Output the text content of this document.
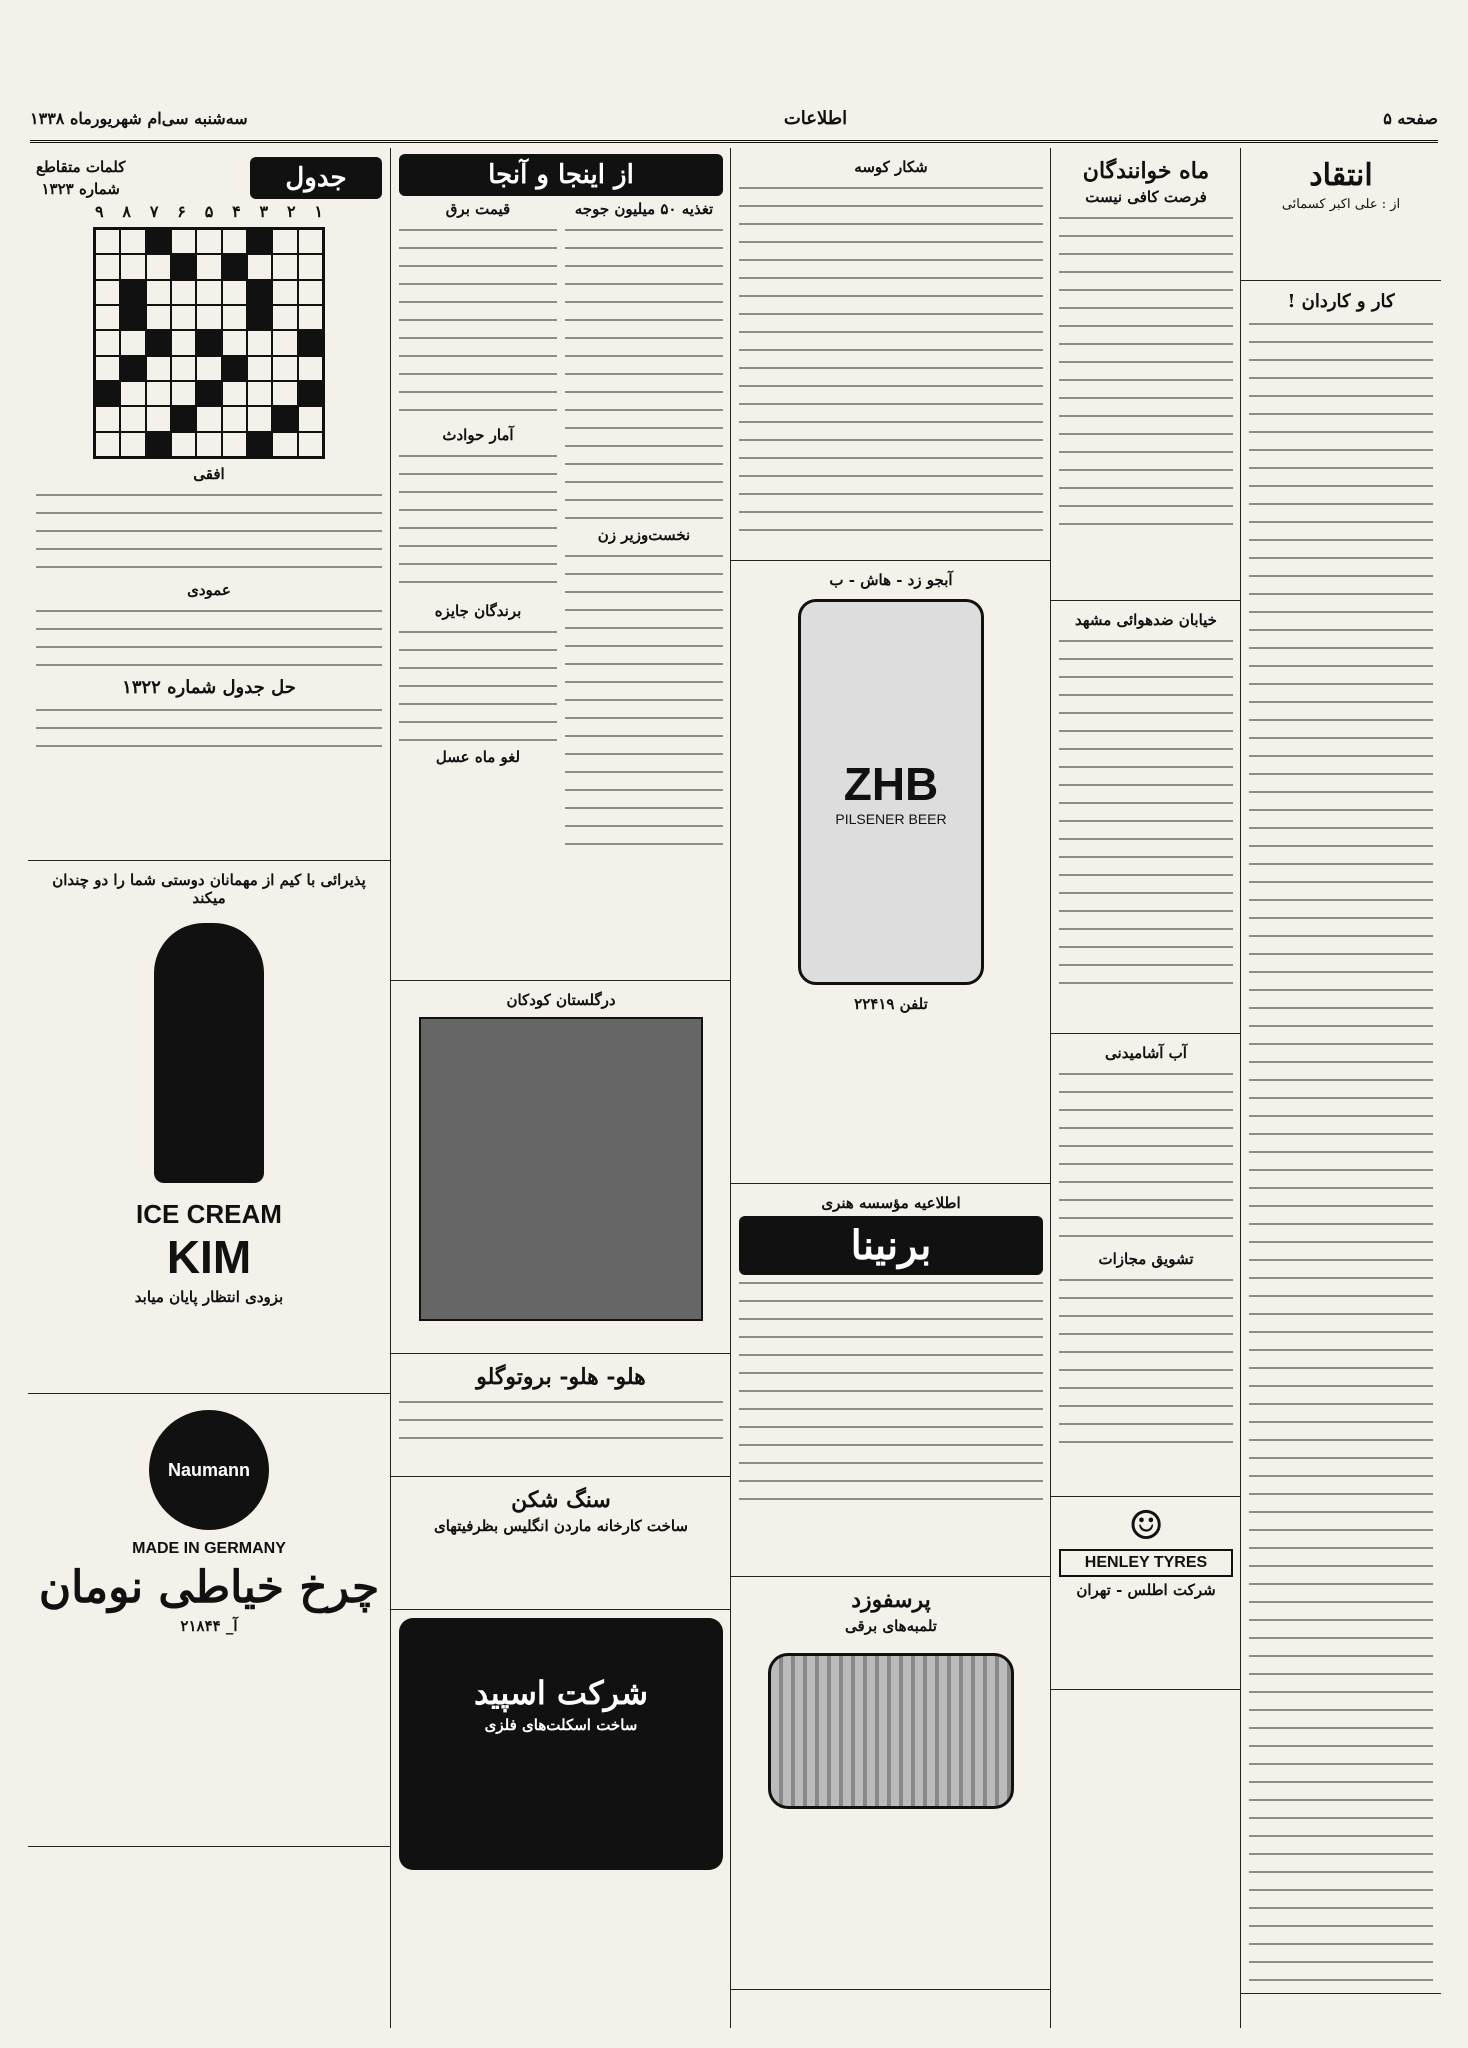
صفحه ۵
اطلاعات
سه‌شنبه سی‌ام شهریورماه ۱۳۳۸
انتقاد
از : علی اکبر کسمائی
کار و کاردان !
ماه خوانندگان
فرصت کافی نیست
خیابان ضدهوائی مشهد
آب آشامیدنی
تشویق مجازات
☺
HENLEY TYRES
شرکت اطلس - تهران
شکار کوسه
آبجو زد - هاش - ب
ZHB
PILSENER BEER
تلفن ۲۲۴۱۹
اطلاعیه مؤسسه هنری
برنینا
پرسفوزد
تلمبه‌های برقی
از اینجا و آنجا
تغذیه ۵۰ میلیون جوجه
نخست‌وزیر زن
قیمت برق
آمار حوادث
برندگان جایزه
لغو ماه عسل
درگلستان کودکان
هلو- هلو- بروتوگلو
سنگ شکن
ساخت کارخانه ماردن انگلیس بظرفیتهای
شرکت اسپید
ساخت اسکلت‌های فلزی
جدول
کلمات متقاطع
شماره ۱۳۲۳
۹ ۸ ۷ ۶ ۵ ۴ ۳ ۲ ۱
افقی
عمودی
حل جدول شماره ۱۳۲۲
پذیرائی با کیم از مهمانان دوستی شما را دو چندان میکند
ICE CREAM
KIM
بزودی انتظار پایان میابد
Naumann
MADE IN GERMANY
چرخ خیاطی نومان
آ_ ۲۱۸۴۴
